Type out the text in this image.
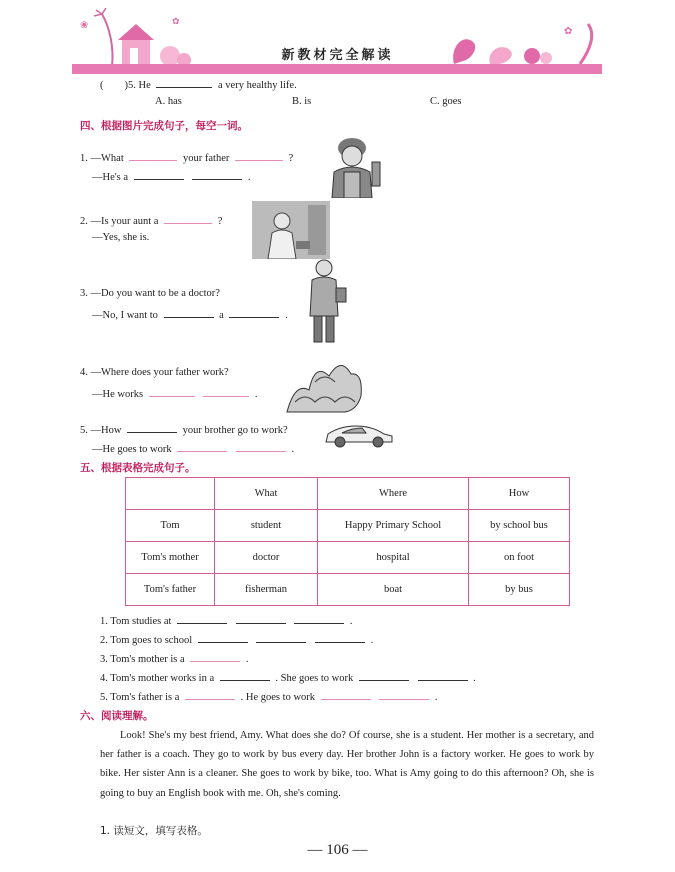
❀	✿
✿
新教材完全解读
(　　)5. He	a very healthy life.
A. has	B. is	C. goes
四、根据图片完成句子，每空一词。
1. —What	your father	?
—He's a	.
2. —Is your aunt a	?
—Yes, she is.
3. —Do you want to be a doctor?
—No, I want to	a	.
4. —Where does your father work?
—He works	.
5. —How	your brother go to work?
—He goes to work	.
五、根据表格完成句子。
	What	Where	How
Tom	student	Happy Primary School	by school bus
Tom's mother	doctor	hospital	on foot
Tom's father	fisherman	boat	by bus
1. Tom studies at	.
2. Tom goes to school	.
3. Tom's mother is a	.
4. Tom's mother works in a	. She goes to work	.
5. Tom's father is a	. He goes to work	.
六、阅读理解。
Look! She's my best friend, Amy. What does she do? Of course, she is a student. Her mother is a secretary, and her father is a coach. They go to work by bus every day. Her brother John is a factory worker. He goes to work by bike. Her sister Ann is a cleaner. She goes to work by bike, too. What is Amy going to do this afternoon? Oh, she is going to buy an English book with me. Oh, she's coming.
1. 读短文，填写表格。
— 106 —
